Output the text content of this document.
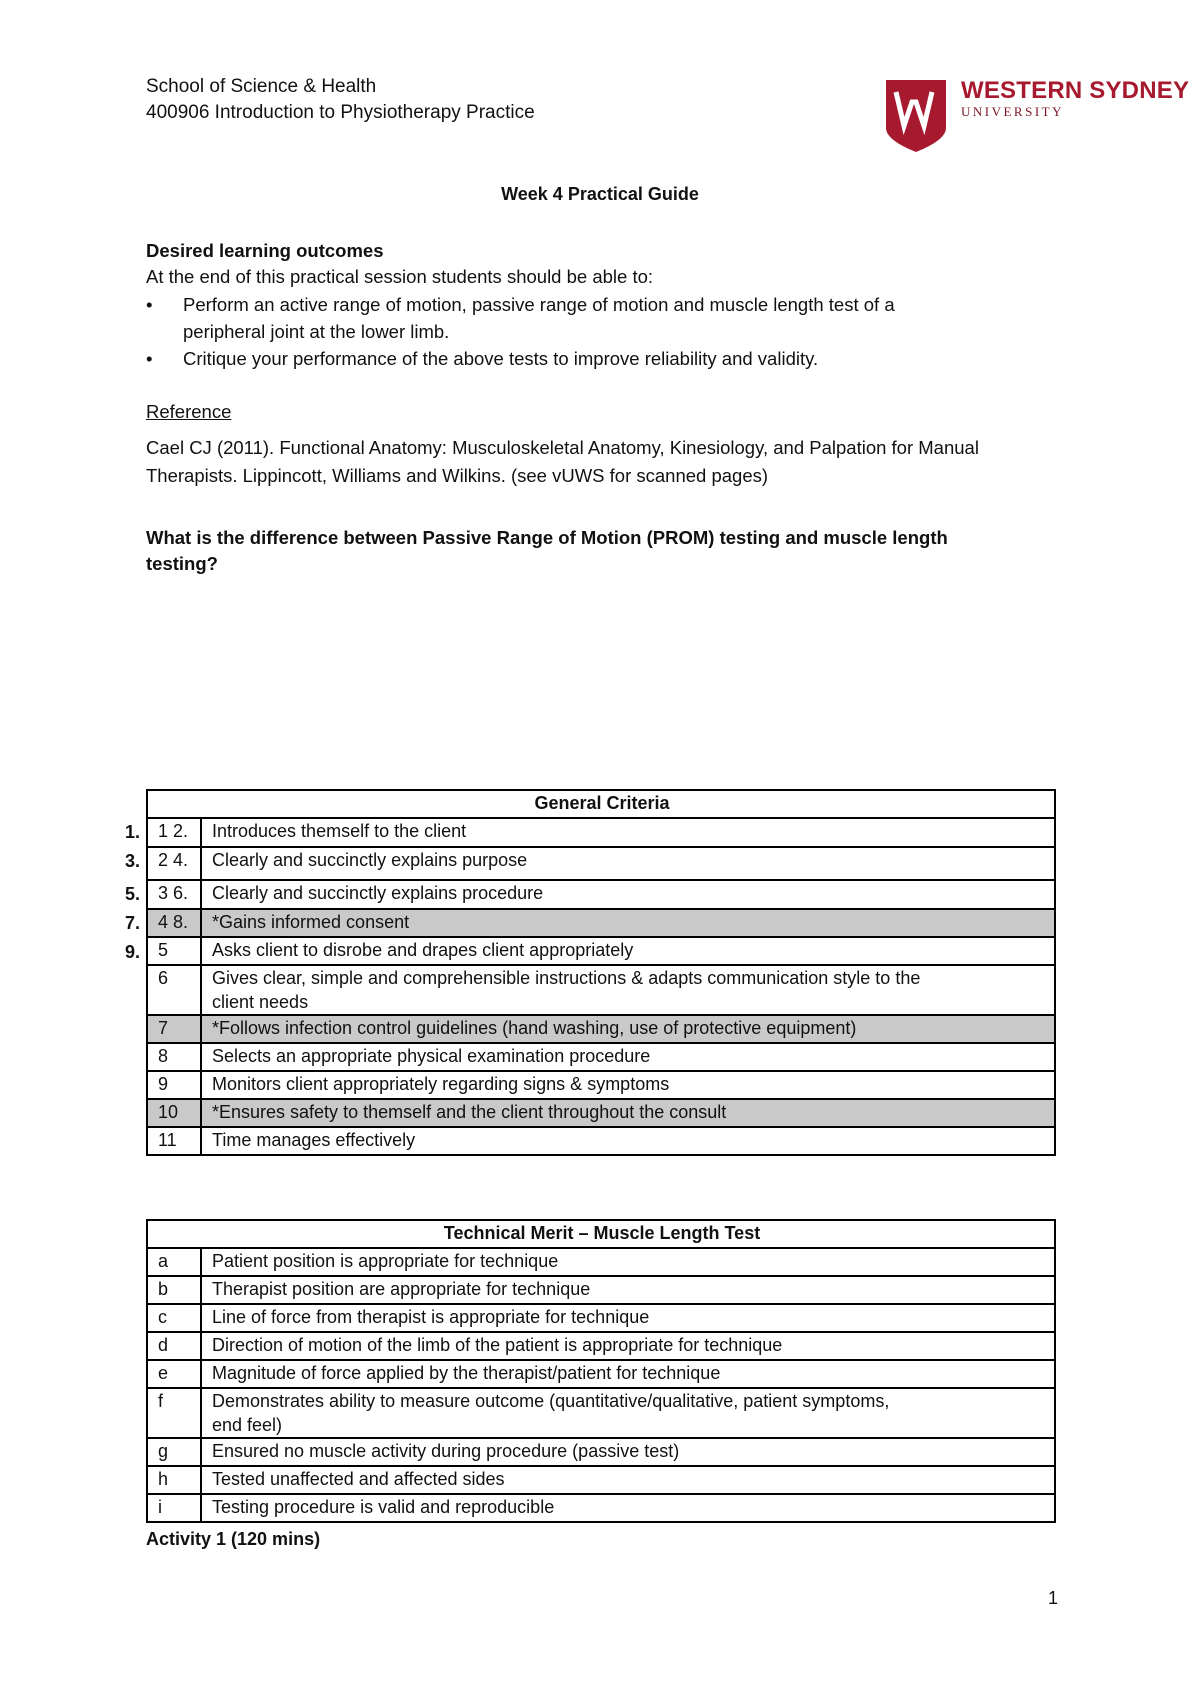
School of Science & Health
400906 Introduction to Physiotherapy Practice
WESTERN SYDNEY
UNIVERSITY
Week 4 Practical Guide
Desired learning outcomes
At the end of this practical session students should be able to:
• Perform an active range of motion, passive range of motion and muscle length test of a
peripheral joint at the lower limb.
• Critique your performance of the above tests to improve reliability and validity.
Reference
Cael CJ (2011). Functional Anatomy: Musculoskeletal Anatomy, Kinesiology, and Palpation for Manual
Therapists. Lippincott, Williams and Wilkins. (see vUWS for scanned pages)
What is the difference between Passive Range of Motion (PROM) testing and muscle length
testing?
1.
3.
5.
7.
9.
General Criteria	
1 2.	Introduces themself to the client
2 4.	Clearly and succinctly explains purpose
3 6.	Clearly and succinctly explains procedure
4 8.	*Gains informed consent
5	Asks client to disrobe and drapes client appropriately
6	Gives clear, simple and comprehensible instructions & adapts communication style to the
client needs

7	*Follows infection control guidelines (hand washing, use of protective equipment)
8	Selects an appropriate physical examination procedure
9	Monitors client appropriately regarding signs & symptoms
10	*Ensures safety to themself and the client throughout the consult
11	Time manages effectively
Technical Merit – Muscle Length Test	
a	Patient position is appropriate for technique
b	Therapist position are appropriate for technique
c	Line of force from therapist is appropriate for technique
d	Direction of motion of the limb of the patient is appropriate for technique
e	Magnitude of force applied by the therapist/patient for technique
f	Demonstrates ability to measure outcome (quantitative/qualitative, patient symptoms,
end feel)

g	Ensured no muscle activity during procedure (passive test)
h	Tested unaffected and affected sides
i	Testing procedure is valid and reproducible
Activity 1 (120 mins)
1
